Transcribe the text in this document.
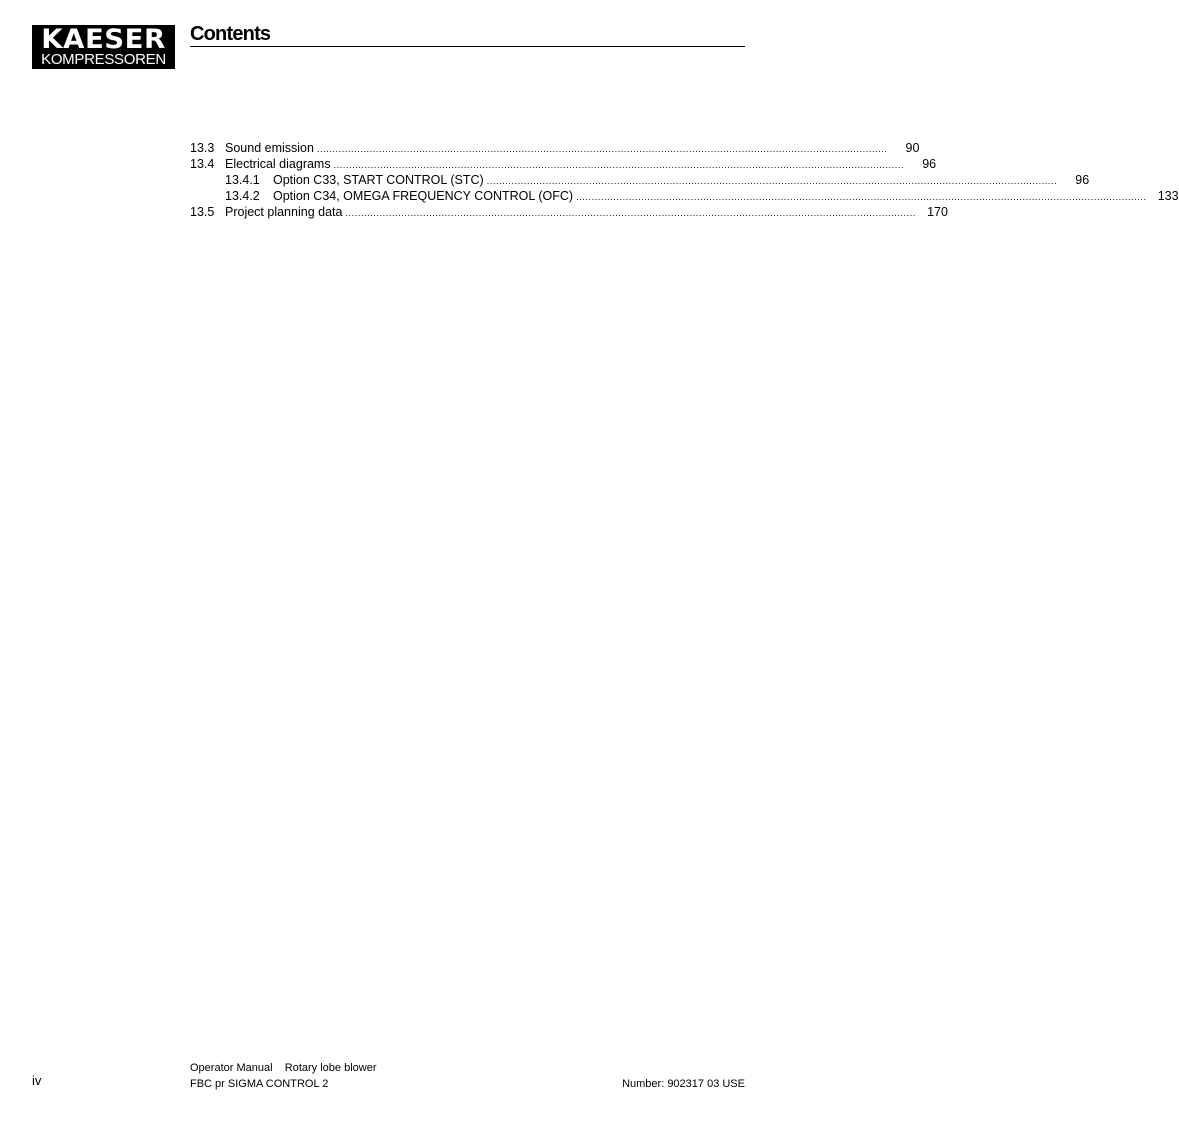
KAESER
KOMPRESSOREN
Contents
13.3 Sound emission ........................................................................................................................................................................................	90
13.4 Electrical diagrams ........................................................................................................................................................................................	96
13.4.1 Option C33, START CONTROL (STC) ........................................................................................................................................................................................	96
13.4.2 Option C34, OMEGA FREQUENCY CONTROL (OFC) ........................................................................................................................................................................................ 133
13.5 Project planning data ........................................................................................................................................................................................ 170
iv
Operator Manual Rotary lobe blower
FBC pr SIGMA CONTROL 2	Number: 902317 03 USE
